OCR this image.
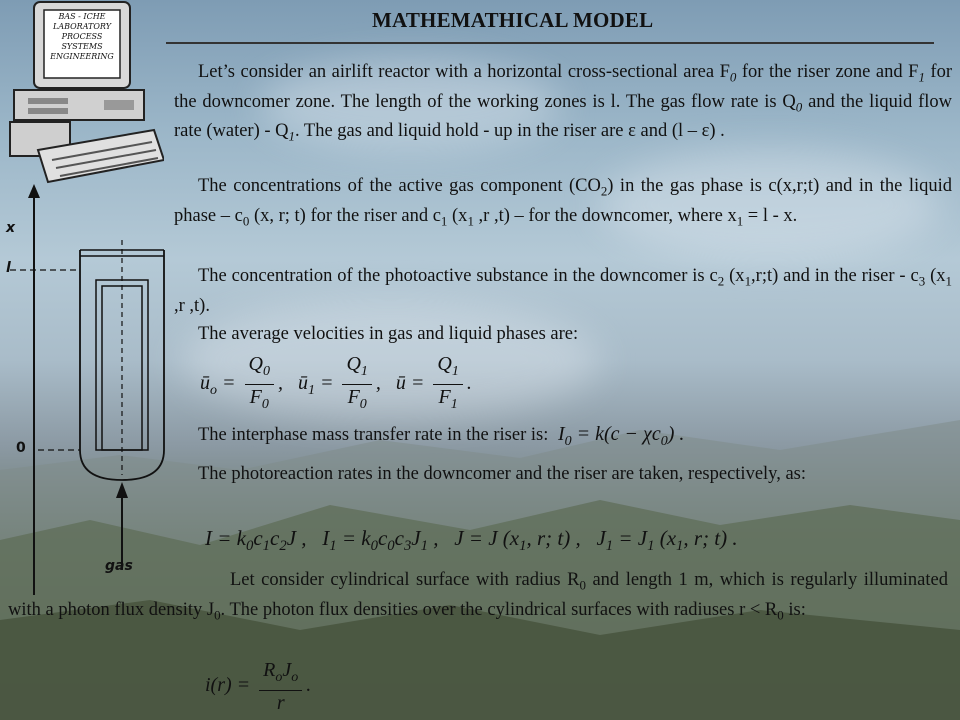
BAS - ICHE
LABORATORY
PROCESS
SYSTEMS
ENGINEERING
x
l
0
gas
MATHEMATHICAL MODEL
Let’s consider an airlift reactor with a horizontal cross-sectional area $F_0$ for the riser zone and $F_1$ for the downcomer zone. The length of the working zones is l. The gas flow rate is $Q_0$ and the liquid flow rate (water) - $Q_1$. The gas and liquid hold - up in the riser are ε and (l – ε) .
The concentrations of the active gas component $(CO_2)$ in the gas phase is c(x,r;t) and in the liquid phase – $c_0$ (x, r; t) for the riser and $c_1$ ($x_1$ ,r ,t) – for the downcomer, where $x_1 = l - x$.
The concentration of the photoactive substance in the downcomer is $c_2$ $(x_1,r;t)$ and in the riser - $c_3$ ($x_1$ ,r ,t).
The average velocities in gas and liquid phases are:
$ū_o = \frac{Q_0}{F_0}$ , $ū_1 = \frac{Q_1}{F_0}$ , ū = $\frac{Q_1}{F_1}$ .
The interphase mass transfer rate in the riser is:  $I_0 = k(c - \chi c_0)$ .
The photoreaction rates in the downcomer and the riser are taken, respectively, as:
$I = k_0c_1c_2J$ ,   $I_1 = k_0c_0c_3J_1$ ,   J = J ($x_1$, r; t) ,   $J_1 = J_1$ ($x_1$, r; t) .
Let consider cylindrical surface with radius $R_0$ and length 1 m, which is regularly illuminated with a photon flux density $J_0$. The photon flux densities over the cylindrical surfaces with radiuses $r < R_0$ is:
$i(r) = \frac{R_oJ_o}{r}$ .
